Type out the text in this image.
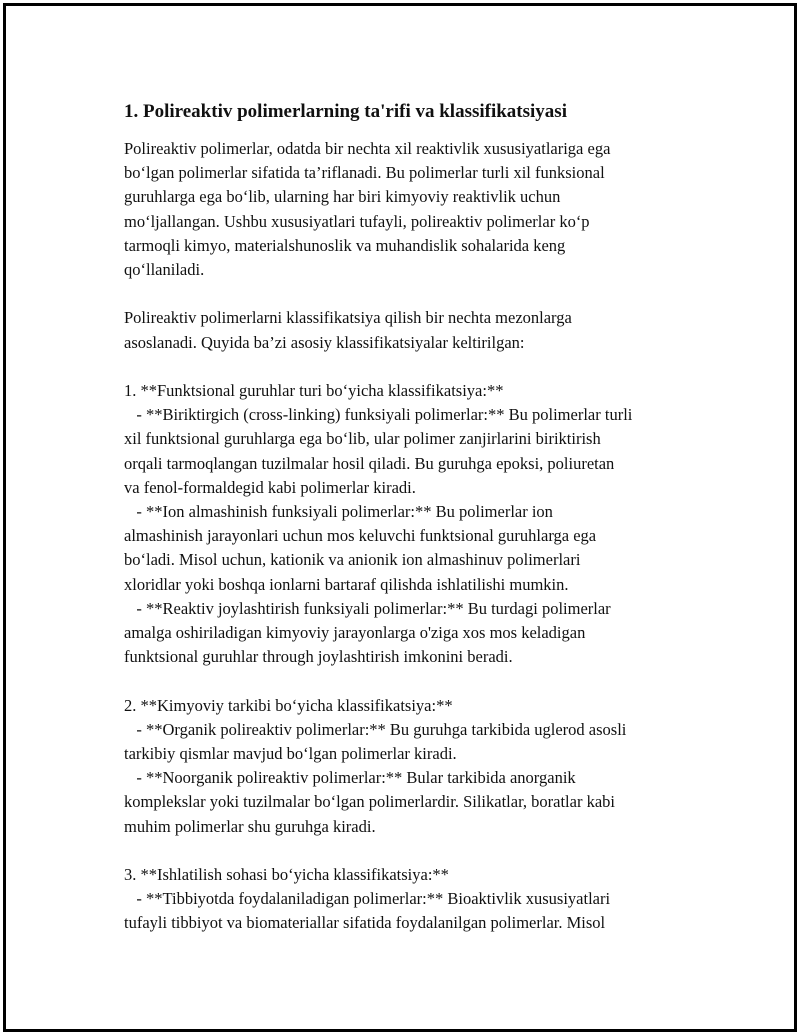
1. Polireaktiv polimerlarning ta'rifi va klassifikatsiyasi
Polireaktiv polimerlar, odatda bir nechta xil reaktivlik xususiyatlariga ega
bo‘lgan polimerlar sifatida ta’riflanadi. Bu polimerlar turli xil funksional
guruhlarga ega bo‘lib, ularning har biri kimyoviy reaktivlik uchun
mo‘ljallangan. Ushbu xususiyatlari tufayli, polireaktiv polimerlar ko‘p
tarmoqli kimyo, materialshunoslik va muhandislik sohalarida keng
qo‘llaniladi.
Polireaktiv polimerlarni klassifikatsiya qilish bir nechta mezonlarga
asoslanadi. Quyida ba’zi asosiy klassifikatsiyalar keltirilgan:
1. **Funktsional guruhlar turi bo‘yicha klassifikatsiya:**
- **Biriktirgich (cross-linking) funksiyali polimerlar:** Bu polimerlar turli
xil funktsional guruhlarga ega bo‘lib, ular polimer zanjirlarini biriktirish
orqali tarmoqlangan tuzilmalar hosil qiladi. Bu guruhga epoksi, poliuretan
va fenol-formaldegid kabi polimerlar kiradi.
- **Ion almashinish funksiyali polimerlar:** Bu polimerlar ion
almashinish jarayonlari uchun mos keluvchi funktsional guruhlarga ega
bo‘ladi. Misol uchun, kationik va anionik ion almashinuv polimerlari
xloridlar yoki boshqa ionlarni bartaraf qilishda ishlatilishi mumkin.
- **Reaktiv joylashtirish funksiyali polimerlar:** Bu turdagi polimerlar
amalga oshiriladigan kimyoviy jarayonlarga o'ziga xos mos keladigan
funktsional guruhlar through joylashtirish imkonini beradi.
2. **Kimyoviy tarkibi bo‘yicha klassifikatsiya:**
- **Organik polireaktiv polimerlar:** Bu guruhga tarkibida uglerod asosli
tarkibiy qismlar mavjud bo‘lgan polimerlar kiradi.
- **Noorganik polireaktiv polimerlar:** Bular tarkibida anorganik
komplekslar yoki tuzilmalar bo‘lgan polimerlardir. Silikatlar, boratlar kabi
muhim polimerlar shu guruhga kiradi.
3. **Ishlatilish sohasi bo‘yicha klassifikatsiya:**
- **Tibbiyotda foydalaniladigan polimerlar:** Bioaktivlik xususiyatlari
tufayli tibbiyot va biomateriallar sifatida foydalanilgan polimerlar. Misol
